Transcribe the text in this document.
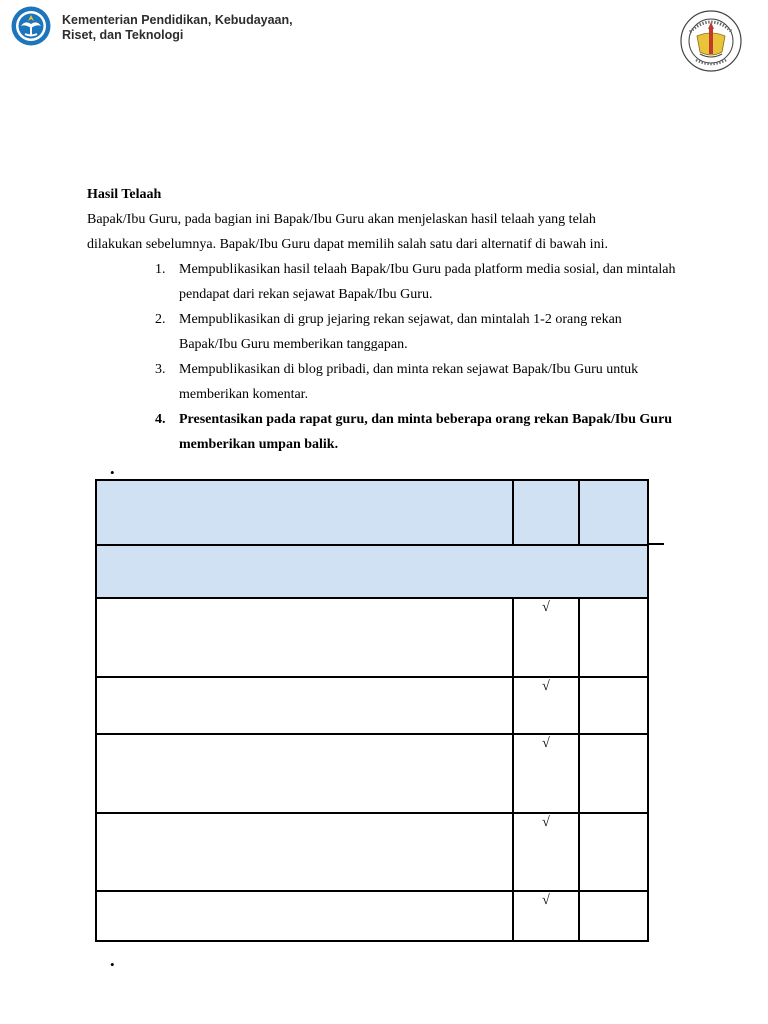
Kementerian Pendidikan, Kebudayaan,
Riset, dan Teknologi

Hasil Telaah

Bapak/Ibu Guru, pada bagian ini Bapak/Ibu Guru akan menjelaskan hasil telaah yang telah
dilakukan sebelumnya. Bapak/Ibu Guru dapat memilih salah satu dari alternatif di bawah ini.

1. Mempublikasikan hasil telaah Bapak/Ibu Guru pada platform media sosial, dan mintalah pendapat dari rekan sejawat Bapak/Ibu Guru.
2. Mempublikasikan di grup jejaring rekan sejawat, dan mintalah 1-2 orang rekan Bapak/Ibu Guru memberikan tanggapan.
3. Mempublikasikan di blog pribadi, dan minta rekan sejawat Bapak/Ibu Guru untuk memberikan komentar.
4. Presentasikan pada rapat guru, dan minta beberapa orang rekan Bapak/Ibu Guru memberikan umpan balik.
•

	√	
	√	
	√	
	√	
	√	
•
